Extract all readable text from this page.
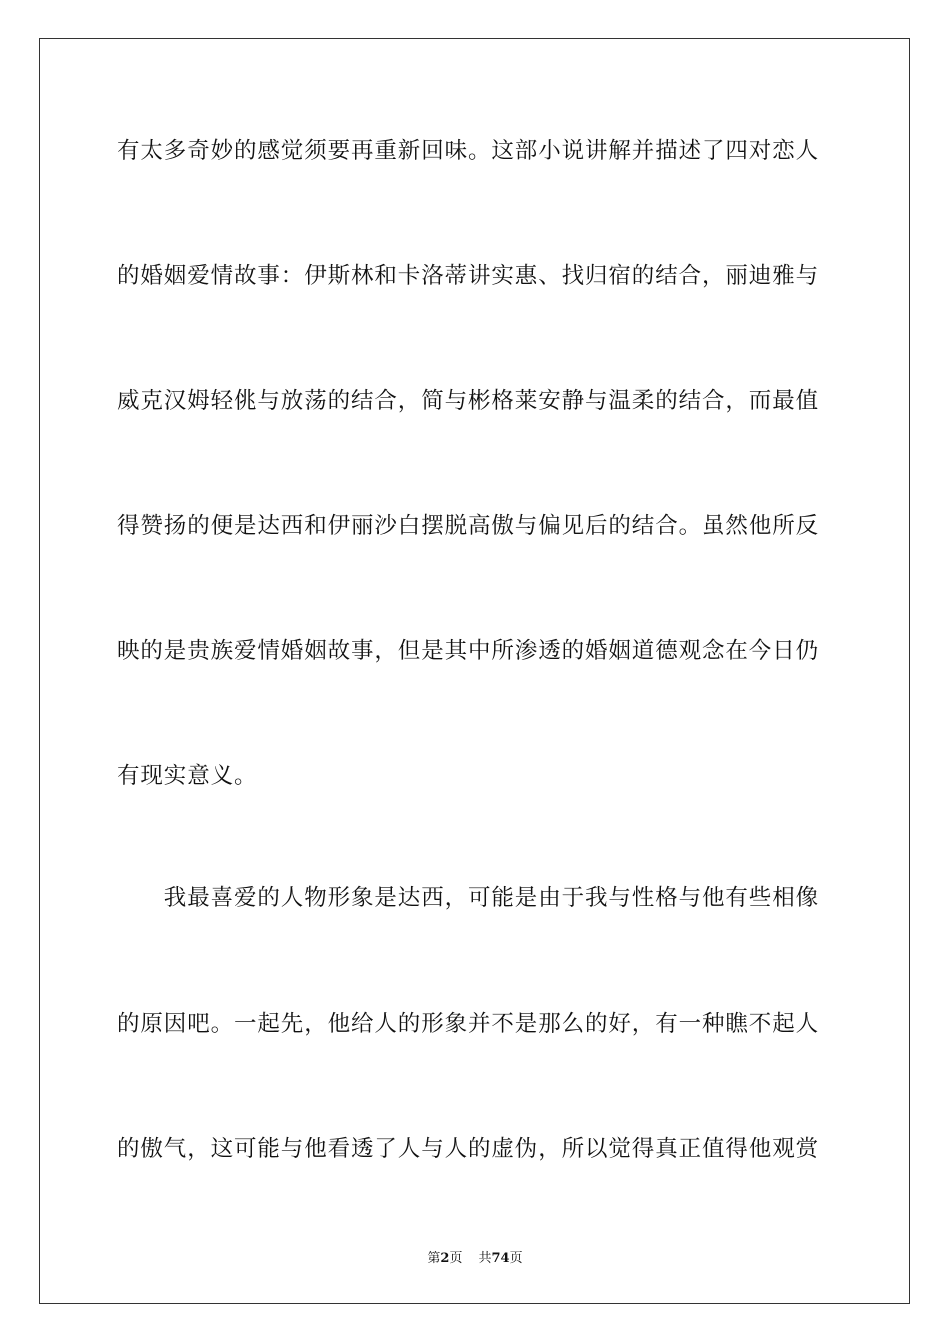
有太多奇妙的感觉须要再重新回味。这部小说讲解并描述了四对恋人
的婚姻爱情故事：伊斯林和卡洛蒂讲实惠、找归宿的结合，丽迪雅与
威克汉姆轻佻与放荡的结合，简与彬格莱安静与温柔的结合，而最值
得赞扬的便是达西和伊丽沙白摆脱高傲与偏见后的结合。虽然他所反
映的是贵族爱情婚姻故事，但是其中所渗透的婚姻道德观念在今日仍
有现实意义。
　　我最喜爱的人物形象是达西，可能是由于我与性格与他有些相像
的原因吧。一起先，他给人的形象并不是那么的好，有一种瞧不起人
的傲气，这可能与他看透了人与人的虚伪，所以觉得真正值得他观赏
第2页 共74页
